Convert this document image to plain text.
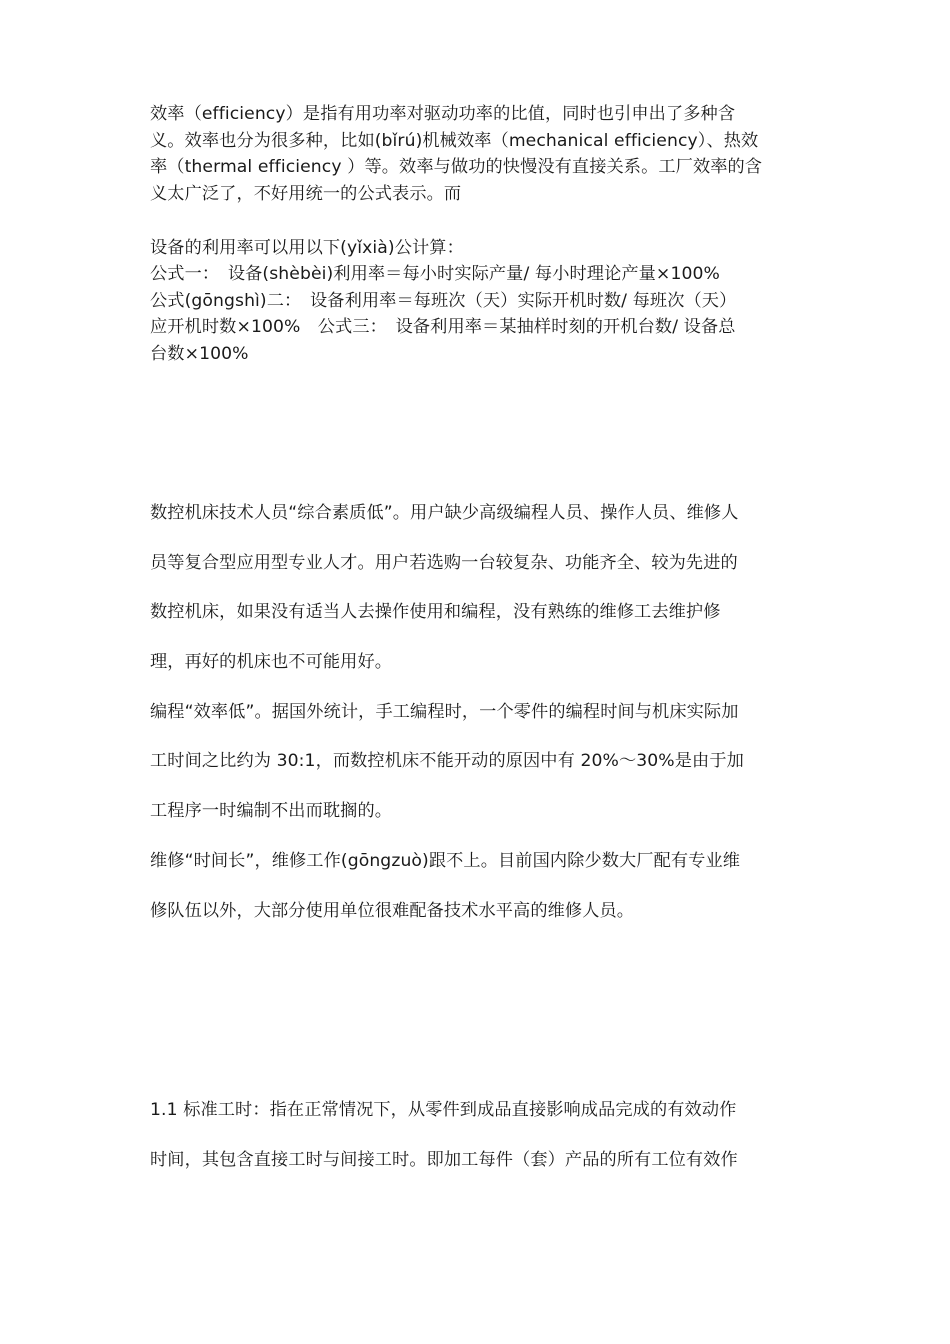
效率（efficiency）是指有用功率对驱动功率的比值，同时也引申出了多种含
义。效率也分为很多种，比如(bǐrú)机械效率（mechanical efficiency）、热效
率（thermal efficiency ）等。效率与做功的快慢没有直接关系。工厂效率的含
义太广泛了，不好用统一的公式表示。而
设备的利用率可以用以下(yǐxià)公计算：
公式一：　设备(shèbèi)利用率＝每小时实际产量/ 每小时理论产量×100%
公式(gōngshì)二：　设备利用率＝每班次（天）实际开机时数/ 每班次（天）
应开机时数×100%　公式三：　设备利用率＝某抽样时刻的开机台数/ 设备总
台数×100%
数控机床技术人员“综合素质低”。用户缺少高级编程人员、操作人员、维修人
员等复合型应用型专业人才。用户若选购一台较复杂、功能齐全、较为先进的
数控机床，如果没有适当人去操作使用和编程，没有熟练的维修工去维护修
理，再好的机床也不可能用好。
编程“效率低”。据国外统计，手工编程时，一个零件的编程时间与机床实际加
工时间之比约为 30:1，而数控机床不能开动的原因中有 20%～30%是由于加
工程序一时编制不出而耽搁的。
维修“时间长”，维修工作(gōngzuò)跟不上。目前国内除少数大厂配有专业维
修队伍以外，大部分使用单位很难配备技术水平高的维修人员。
1.1 标准工时：指在正常情况下，从零件到成品直接影响成品完成的有效动作
时间，其包含直接工时与间接工时。即加工每件（套）产品的所有工位有效作
